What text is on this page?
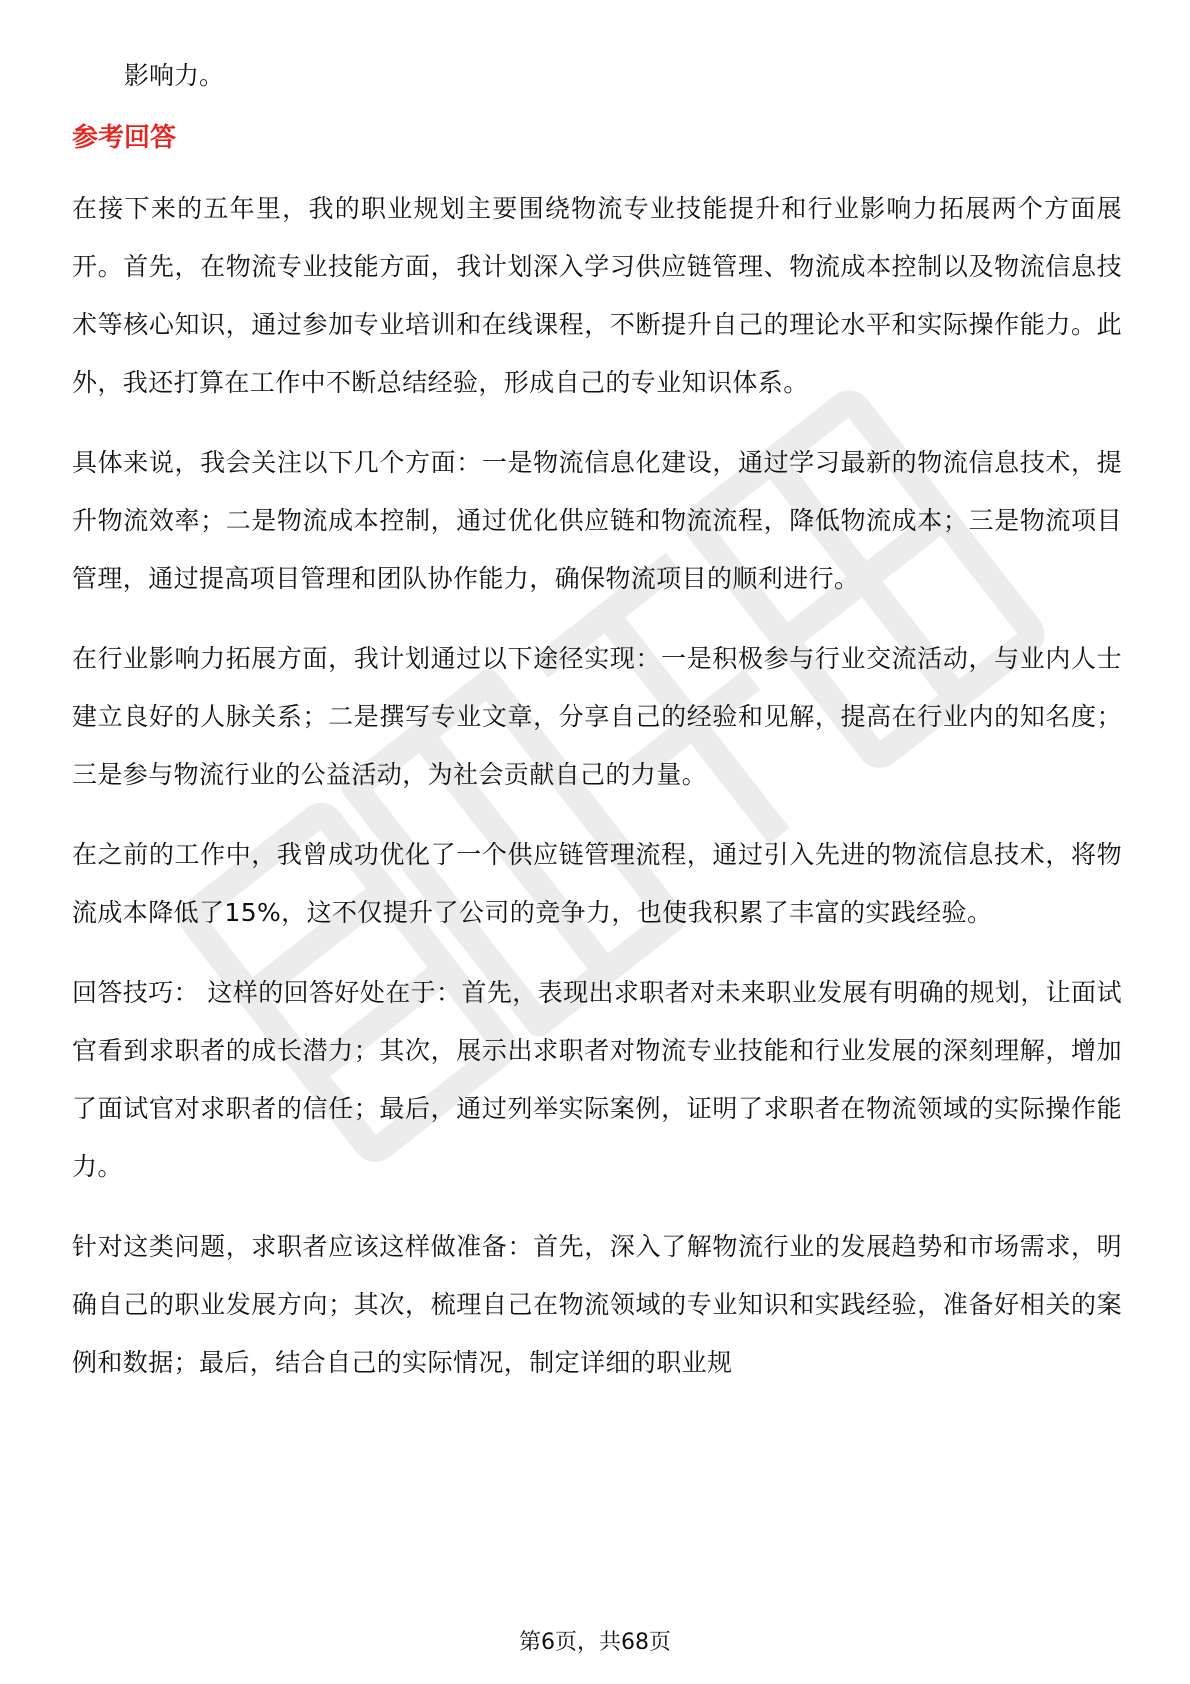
影响力。
参考回答

在接下来的五年里，我的职业规划主要围绕物流专业技能提升和行业影响力拓展两个方面展开。首先，在物流专业技能方面，我计划深入学习供应链管理、物流成本控制以及物流信息技术等核心知识，通过参加专业培训和在线课程，不断提升自己的理论水平和实际操作能力。此外，我还打算在工作中不断总结经验，形成自己的专业知识体系。

具体来说，我会关注以下几个方面：一是物流信息化建设，通过学习最新的物流信息技术，提升物流效率；二是物流成本控制，通过优化供应链和物流流程，降低物流成本；三是物流项目管理，通过提高项目管理和团队协作能力，确保物流项目的顺利进行。

在行业影响力拓展方面，我计划通过以下途径实现：一是积极参与行业交流活动，与业内人士建立良好的人脉关系；二是撰写专业文章，分享自己的经验和见解，提高在行业内的知名度；三是参与物流行业的公益活动，为社会贡献自己的力量。

在之前的工作中，我曾成功优化了一个供应链管理流程，通过引入先进的物流信息技术，将物流成本降低了15%，这不仅提升了公司的竞争力，也使我积累了丰富的实践经验。

回答技巧： 这样的回答好处在于：首先，表现出求职者对未来职业发展有明确的规划，让面试官看到求职者的成长潜力；其次，展示出求职者对物流专业技能和行业发展的深刻理解，增加了面试官对求职者的信任；最后，通过列举实际案例，证明了求职者在物流领域的实际操作能力。

针对这类问题，求职者应该这样做准备：首先，深入了解物流行业的发展趋势和市场需求，明确自己的职业发展方向；其次，梳理自己在物流领域的专业知识和实践经验，准备好相关的案例和数据；最后，结合自己的实际情况，制定详细的职业规

第6页，共68页
